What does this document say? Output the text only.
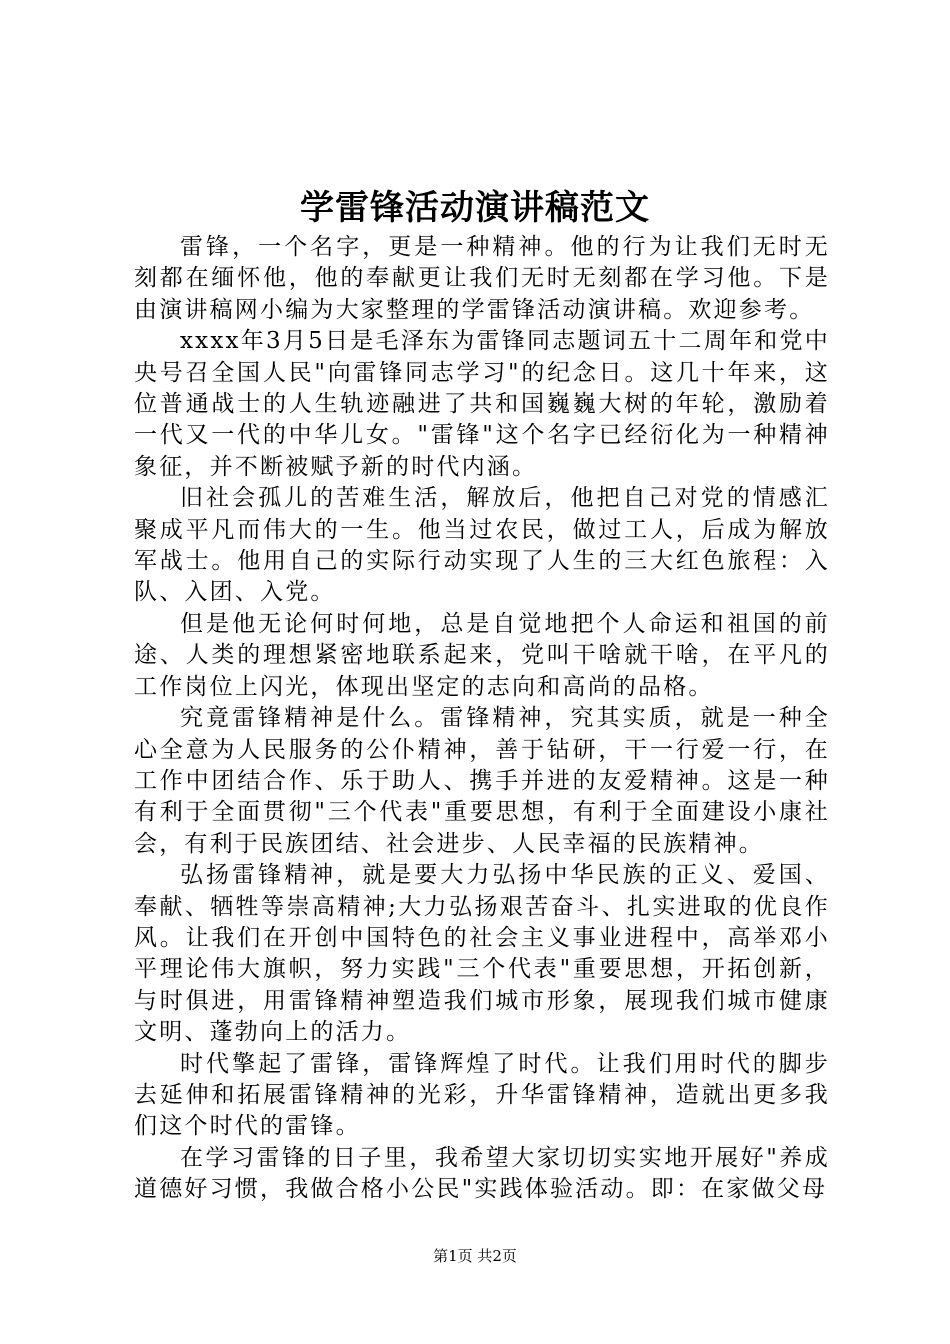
学雷锋活动演讲稿范文

雷锋，一个名字，更是一种精神。他的行为让我们无时无刻都在缅怀他，他的奉献更让我们无时无刻都在学习他。下是由演讲稿网小编为大家整理的学雷锋活动演讲稿。欢迎参考。

xxxx年3月5日是毛泽东为雷锋同志题词五十二周年和党中央号召全国人民"向雷锋同志学习"的纪念日。这几十年来，这位普通战士的人生轨迹融进了共和国巍巍大树的年轮，激励着一代又一代的中华儿女。"雷锋"这个名字已经衍化为一种精神象征，并不断被赋予新的时代内涵。

旧社会孤儿的苦难生活，解放后，他把自己对党的情感汇聚成平凡而伟大的一生。他当过农民，做过工人，后成为解放军战士。他用自己的实际行动实现了人生的三大红色旅程：入队、入团、入党。

但是他无论何时何地，总是自觉地把个人命运和祖国的前途、人类的理想紧密地联系起来，党叫干啥就干啥，在平凡的工作岗位上闪光，体现出坚定的志向和高尚的品格。

究竟雷锋精神是什么。雷锋精神，究其实质，就是一种全心全意为人民服务的公仆精神，善于钻研，干一行爱一行，在工作中团结合作、乐于助人、携手并进的友爱精神。这是一种有利于全面贯彻"三个代表"重要思想，有利于全面建设小康社会，有利于民族团结、社会进步、人民幸福的民族精神。

弘扬雷锋精神，就是要大力弘扬中华民族的正义、爱国、奉献、牺牲等崇高精神;大力弘扬艰苦奋斗、扎实进取的优良作风。让我们在开创中国特色的社会主义事业进程中，高举邓小平理论伟大旗帜，努力实践"三个代表"重要思想，开拓创新，与时俱进，用雷锋精神塑造我们城市形象，展现我们城市健康文明、蓬勃向上的活力。

时代擎起了雷锋，雷锋辉煌了时代。让我们用时代的脚步去延伸和拓展雷锋精神的光彩，升华雷锋精神，造就出更多我们这个时代的雷锋。

在学习雷锋的日子里，我希望大家切切实实地开展好"养成道德好习惯，我做合格小公民"实践体验活动。即：在家做父母

第1页 共2页
